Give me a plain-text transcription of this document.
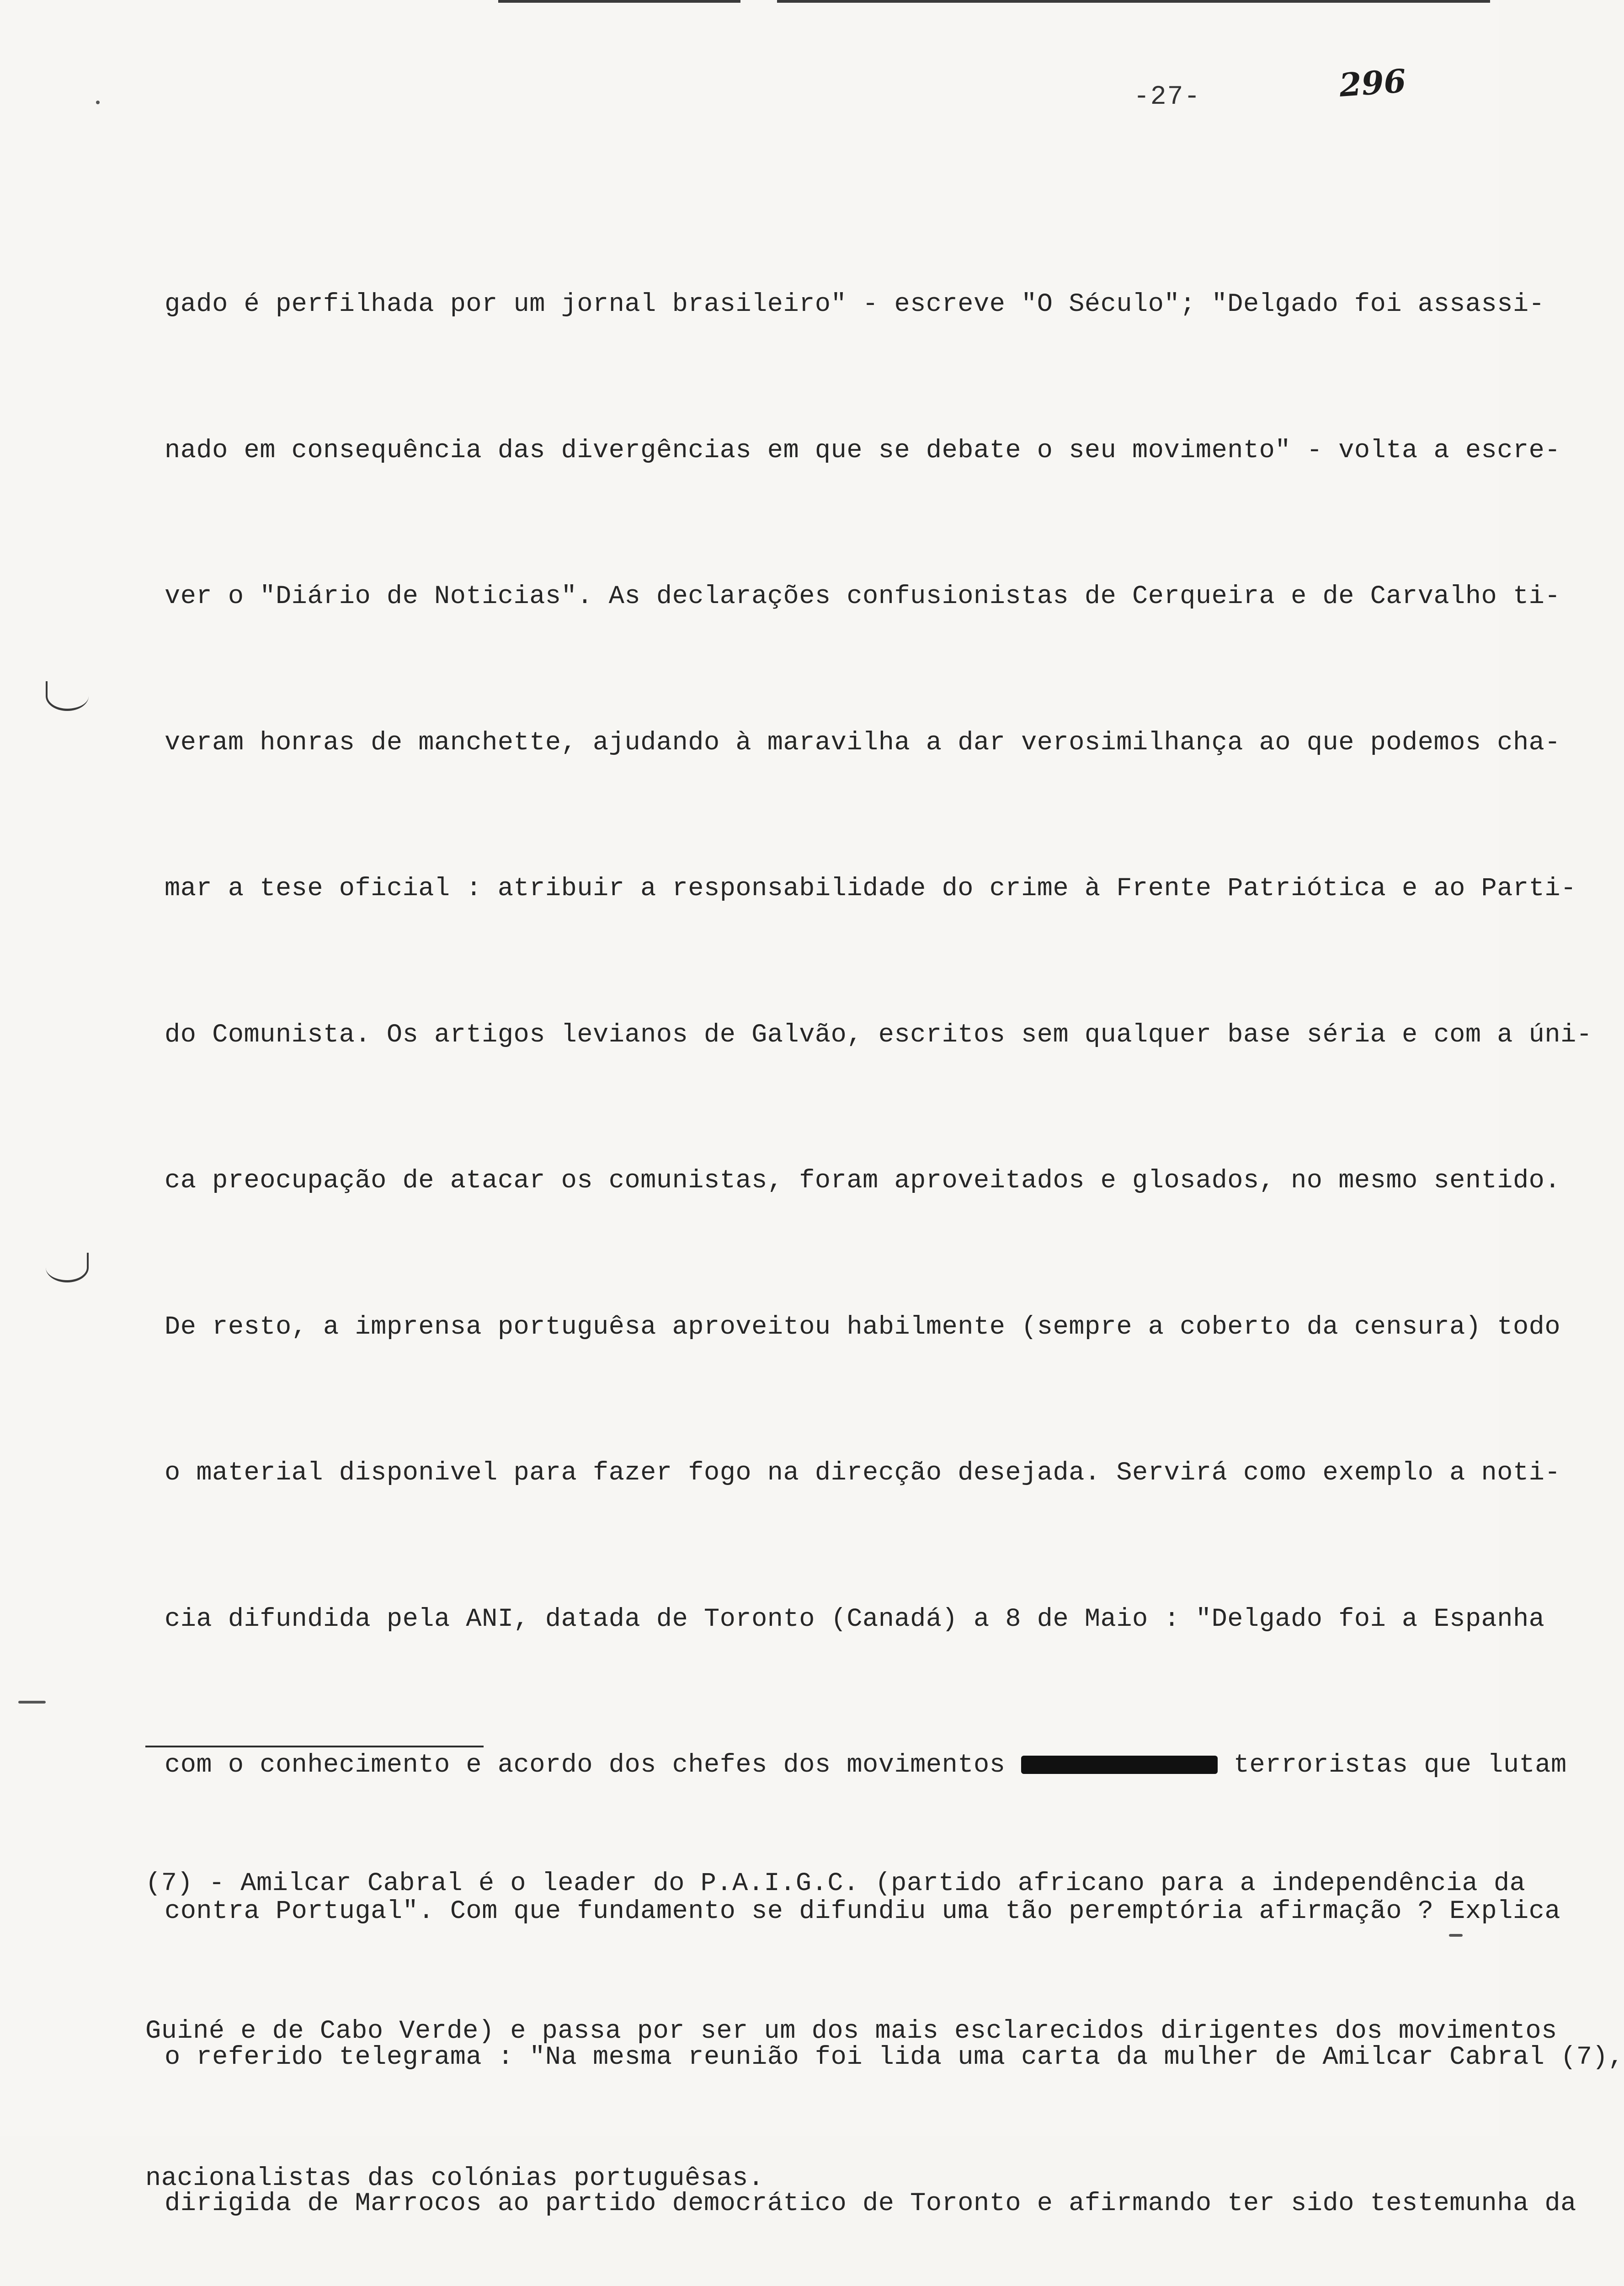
-27-	296

gado é perfilhada por um jornal brasileiro" - escreve "O Século"; "Delgado foi assassi-

nado em consequência das divergências em que se debate o seu movimento" - volta a escre-

ver o "Diário de Noticias". As declarações confusionistas de Cerqueira e de Carvalho ti-

veram honras de manchette, ajudando à maravilha a dar verosimilhança ao que podemos cha-

mar a tese oficial : atribuir a responsabilidade do crime à Frente Patriótica e ao Parti-

do Comunista. Os artigos levianos de Galvão, escritos sem qualquer base séria e com a úni-

ca preocupação de atacar os comunistas, foram aproveitados e glosados, no mesmo sentido.

De resto, a imprensa portuguêsa aproveitou habilmente (sempre a coberto da censura) todo

o material disponivel para fazer fogo na direcção desejada. Servirá como exemplo a noti-

cia difundida pela ANI, datada de Toronto (Canadá) a 8 de Maio : "Delgado foi a Espanha

com o conhecimento e acordo dos chefes dos movimentos	terroristas que lutam

contra Portugal". Com que fundamento se difundiu uma tão peremptória afirmação ? Explica

o referido telegrama : "Na mesma reunião foi lida uma carta da mulher de Amilcar Cabral (7),

dirigida de Marrocos ao partido democrático de Toronto e afirmando ter sido testemunha da

(7) - Amilcar Cabral é o leader do P.A.I.G.C. (partido africano para a independência da

Guiné e de Cabo Verde) e passa por ser um dos mais esclarecidos dirigentes dos movimentos

nacionalistas das colónias portuguêsas.
